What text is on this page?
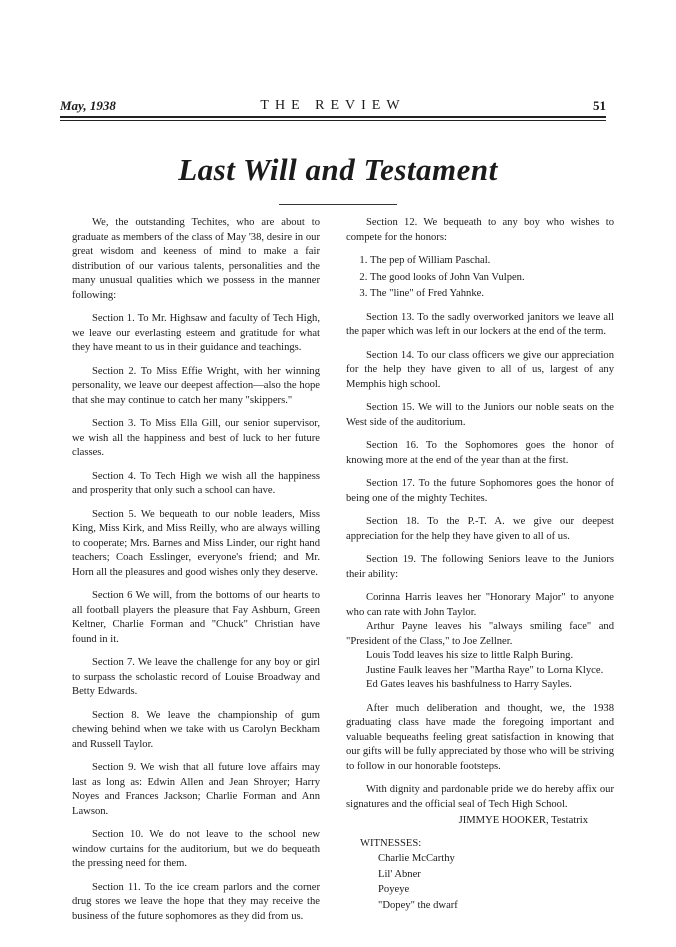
May, 1938	THE REVIEW	51
Last Will and Testament

We, the outstanding Techites, who are about to graduate as members of the class of May '38, desire in our great wisdom and keeness of mind to make a fair distribution of our various talents, personalities and the many unusual qualities which we possess in the manner following:

Section 1. To Mr. Highsaw and faculty of Tech High, we leave our everlasting esteem and gratitude for what they have meant to us in their guidance and teachings.

Section 2. To Miss Effie Wright, with her winning personality, we leave our deepest affection—also the hope that she may continue to catch her many "skippers."

Section 3. To Miss Ella Gill, our senior supervisor, we wish all the happiness and best of luck to her future classes.

Section 4. To Tech High we wish all the happiness and prosperity that only such a school can have.

Section 5. We bequeath to our noble leaders, Miss King, Miss Kirk, and Miss Reilly, who are always willing to cooperate; Mrs. Barnes and Miss Linder, our right hand teachers; Coach Esslinger, everyone's friend; and Mr. Horn all the pleasures and good wishes only they deserve.

Section 6 We will, from the bottoms of our hearts to all football players the pleasure that Fay Ashburn, Green Keltner, Charlie Forman and "Chuck" Christian have found in it.

Section 7. We leave the challenge for any boy or girl to surpass the scholastic record of Louise Broadway and Betty Edwards.

Section 8. We leave the championship of gum chewing behind when we take with us Carolyn Beckham and Russell Taylor.

Section 9. We wish that all future love affairs may last as long as: Edwin Allen and Jean Shroyer; Harry Noyes and Frances Jackson; Charlie Forman and Ann Lawson.

Section 10. We do not leave to the school new window curtains for the auditorium, but we do bequeath the pressing need for them.

Section 11. To the ice cream parlors and the corner drug stores we leave the hope that they may receive the business of the future sophomores as they did from us.

Section 12. We bequeath to any boy who wishes to compete for the honors:

1. The pep of William Paschal.
2. The good looks of John Van Vulpen.
3. The "line" of Fred Yahnke.

Section 13. To the sadly overworked janitors we leave all the paper which was left in our lockers at the end of the term.

Section 14. To our class officers we give our appreciation for the help they have given to all of us, largest of any Memphis high school.

Section 15. We will to the Juniors our noble seats on the West side of the auditorium.

Section 16. To the Sophomores goes the honor of knowing more at the end of the year than at the first.

Section 17. To the future Sophomores goes the honor of being one of the mighty Techites.

Section 18. To the P.-T. A. we give our deepest appreciation for the help they have given to all of us.

Section 19. The following Seniors leave to the Juniors their ability:

Corinna Harris leaves her "Honorary Major" to anyone who can rate with John Taylor.

Arthur Payne leaves his "always smiling face" and "President of the Class," to Joe Zellner.

Louis Todd leaves his size to little Ralph Buring.

Justine Faulk leaves her "Martha Raye" to Lorna Klyce.

Ed Gates leaves his bashfulness to Harry Sayles.

After much deliberation and thought, we, the 1938 graduating class have made the foregoing important and valuable bequeaths feeling great satisfaction in knowing that our gifts will be fully appreciated by those who will be striving to follow in our honorable footsteps.

With dignity and pardonable pride we do hereby affix our signatures and the official seal of Tech High School.

JIMMYE HOOKER, Testatrix
WITNESSES:
Charlie McCarthy
Lil' Abner
Poyeye
"Dopey" the dwarf
